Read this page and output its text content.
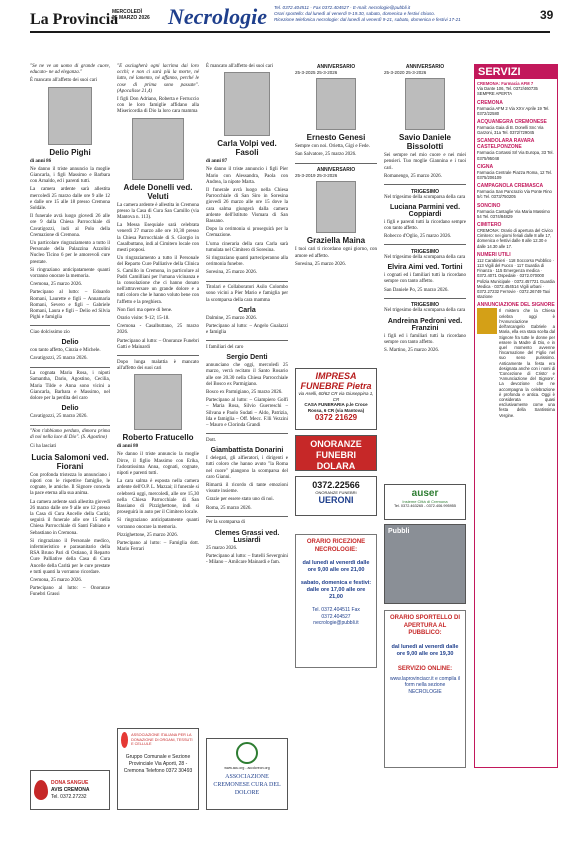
La Provincia
MERCOLEDÌ
25 MARZO 2026 Necrologie Tel. 0372.404511 · Fax 0372.404527 · E-mail: necrologie@pubbli.it
Orari sportello: dal lunedì al venerdì 9-19.30, sabato, domenica e festivi chiuso.
Ricezione telefonica necrologie: dal lunedì al venerdì 9-21, sabato, domenica e festivi 17-21	39

"Se ne ve un uomo di grande cuore, educato- ne ad eleganza."

È mancato all'affetto dei suoi cari

Delio Pighi

di anni 86

Ne danno il triste annuncio la moglie Giancarla, i figli Massimo e Barbara con Arnaldo, ed i parenti tutti.

La camera ardente sarà allestita mercoledì 25 marzo dalle ore 9 alle 12 e dalle ore 15 alle 18 presso Cremona Soldàle.

Il funerale avrà luogo giovedì 26 alle ore 9 dalla Chiesa Parrocchiale di Cavatigozzi, indi al Polo della Cremazione di Cremona.

Un particolare ringraziamento a tutto il Personale della Palazzina Azzolini Nucleo Ticino 6 per le amorevoli cure prestate.

Si ringraziano anticipatamente quanti vorranno onorare la memoria.

Cremona, 25 marzo 2026.

Partecipano al lutto: – Edoardo Romani, Laurette e figli – Annamaria Romani, Severo e figli – Gabriele Romani, Laura e figli – Delio ed Silvia Pighi e famiglia

Ciao dolcissimo zio

Delio

con tanto affetto, Cinzia e Michele.

Cavatigozzi, 25 marzo 2026.

La cognata Maria Rosa, i nipoti Samantha, Dario, Agostino, Cecilia, Maria Tilde e Anna sono vicini a Giancarla, Barbara e Massimo, nel dolore per la perdita del caro

Delio

Cavatigozzi, 25 marzo 2026.

"Non t'abbiamo perduto, dimora prima di noi nella luce di Dio". (S. Agostino)

Ci ha lasciati

Lucia Salomoni ved. Fiorani

Con profonda tristezza lo annunciano i nipoti con le rispettive famiglie, le cognate, le amiche. Il Signore conceda la pace eterna alla sua anima.

La camera ardente sarà allestita giovedì 26 marzo dalle ore 9 alle ore 12 presso la Casa di Cura Ancelle della Carità; seguirà il funerale alle ore 15 nella Chiesa Parrocchiale di Santi Fabiano e Sebastiano in Cremona.

Si ringraziano il Personale medico, infermieristico e parasanitario della RSA Bruno Pari di Ostiano, il Reparto Cure Palliative della Casa di Cura Ancelle della Carità per le cure prestate e tutti quanti la vorranno ricordare.

Cremona, 25 marzo 2026.

Partecipano al lutto: – Onoranze Funebri Grassi

DONA SANGUE
AVIS CREMONA
Tel. 0372.27232

"E asciugherà ogni lacrima dai loro occhi; e non ci sarà più la morte, né lutto, né lamento, né affanno, perché le cose di prima sono passate". (Apocalisse 21,4)

I figli Don Adriano, Roberta e Ferruccio con le loro famiglie affidano alla Misericordia di Dio la loro cara mamma

Adele Donelli ved. Veluti

La camera ardente è allestita in Cremona presso la Casa di Cura San Camillo (via Mantova n. 113).

La Messa Esequiale sarà celebrata venerdì 27 marzo alle ore 10,30 presso la Chiesa Parrocchiale di S. Giorgio in Casalbuttano, indi al Cimitero locale con mesti proposi.

Un ringraziamento a tutto il Personale del Reparto Cure Palliative della Clinica S. Camillo in Cremona, in particolare al Padri Camilliani per l'umana vicinanza e la consolazione che ci hanno donato nell'attraversare un grande dolore e a tutti coloro che le hanno voluto bene con l'affetto e la preghiera.

Non fiori ma opere di bene.

Orario visite: 9-12; 15-18.

Cremona - Casalbuttano, 25 marzo 2026.

Partecipano al lutto: – Onoranze Funebri Gatti e Mainardi

Dopo lunga malattia è mancato all'affetto dei suoi cari

Roberto Fratucello

di anni 80

Ne danno il triste annuncio la moglie Dirce, il figlio Massimo con Erika, l'adoratissima Anna, cognati, cognate, nipoti e parenti tutti.

La cara salma è esposta nella camera ardente dell'O.P. L. Mazzai; il funerale si celebrerà oggi, mercoledì, alle ore 15,30 nella Chiesa Parrocchiale di San Bassiano di Pizzighettone, indi si proseguirà in auto per il Cimitero locale.

Si ringraziano anticipatamente quanti vorranno onorare la memoria.

Pizzighettone, 25 marzo 2026.

Partecipano al lutto: – Famiglia dott. Mario Ferrari

ASSOCIAZIONE ITALIANA PER LA DONAZIONE DI ORGANI, TESSUTI E CELLULE
Gruppo Comunale e Sezione Provinciale Via Aporti, 28 - Cremona Telefono 0372 30493

È mancato all'affetto dei suoi cari

Carla Volpi ved. Fasoli

di anni 87

Ne danno il triste annuncio i figli Pier Mario con Alessandra, Paola con Andrea, la nipote Marta.

Il funerale avrà luogo nella Chiesa Parrocchiale di San Siro in Soresina giovedì 26 marzo alle ore 15 dove la cara salma giungerà dalla camera ardente dell'Istituto Vismara di San Bassano.

Dopo la cerimonia si proseguirà per la Cremazione.

L'urna cineraria della cara Carla sarà tumulata nel Cimitero di Soresina.

Si ringraziano quanti parteciperanno alla cerimonia funebre.

Soresina, 25 marzo 2026.

Titolari e Collaboratori Asilo Colombo sono vicini a Pier Mario e famiglia per la scomparsa della cara mamma

Carla

Dalmine, 25 marzo 2026.

Partecipano al lutto: – Angelo Gualazzi e famiglia

I familiari del caro

Sergio Denti

annunciano che oggi, mercoledì 25 marzo, verrà recitato il Santo Rosario alle ore 20.30 nella Chiesa Parrocchiale del Bosco ex Parmigiano.

Bosco ex Parmigiano, 25 marzo 2026.

Partecipano al lutto: – Giampiero Golfi – Maria Rosa, Silvio Guerreschi – Silvana e Paolo Sudati – Aldo, Patrizia, Ida e famiglia – Off. Mecc. F.lli Vezzini – Mauro e Clorinda Grandi

Dott.

Giambattista Donarini

I delegati, gli alfieratori, i dirigenti e tutti coloro che hanno avuto "la Roma nel cuore" piangono la scomparsa del caro Gianni.

Rimarrà il ricordo di tante emozioni vissute insieme.

Grazie per essere stato uno di noi.

Roma, 25 marzo 2026.

Per la scomparsa di

Clemes Grassi ved. Lusiardi

25 marzo 2026.

Partecipano al lutto: – fratelli Severgnini - Milano – Amilcare Mainardi e fam.

www.acu.org - accdcreon.org
ASSOCIAZIONE CREMONESE CURA DEL DOLORE
ANNIVERSARIO
25-3-2025 25-3-2026
Ernesto Genesi

Sempre con noi. Orietta, Gigi e Fede.

San Salvatore, 25 marzo 2026.

ANNIVERSARIO
25-3-2019 25-3-2026
Graziella Maina

I tuoi cari ti ricordano ogni giorno, con amore ed affetto.

Soresina, 25 marzo 2026.

IMPRESA FUNEBRE Pietra
via Aselli, 60/62 CR via Giuseppina 1, CR
CASA FUNERARIA p.le Croce Rossa, 6 CR (via Mantova)
0372 21629
ONORANZE FUNEBRI DOLARA
CREMONA · 0372 434913
0372.22566
ONORANZE FUNEBRI
UERONI
ORARIO RICEZIONE NECROLOGIE:
dal lunedì al venerdì dalle ore 9,00 alle ore 21,00
sabato, domenica e festivi: dalle ore 17,00 alle ore 21,00
Tel. 0372.404511 Fax 0372.404527 necrologie@pubbli.it
ANNIVERSARIO
25-3-2020 25-3-2026
Savio Daniele Bissolotti

Sei sempre nel mio cuore e nei miei pensieri. Tuo moglie Giannina e i tuoi cari.

Romanengo, 25 marzo 2026.

TRIGESIMO

Nel trigesimo della scomparsa della cara

Luciana Parmini ved. Coppiardi

i figli e parenti tutti la ricordano sempre con tanto affetto.

Robecco d'Oglio, 25 marzo 2026.

TRIGESIMO

Nel trigesimo della scomparsa della cara

Elvira Aimi ved. Tortini

i cognati ed i familiari tutti la ricordano sempre con tanto affetto.

San Daniele Po, 25 marzo 2026.

TRIGESIMO

Nel trigesimo della scomparsa della cara

Andreina Pedroni ved. Franzini

i figli ed i familiari tutti la ricordano sempre con tanto affetto.

S. Martino, 25 marzo 2026.

auser
Insieme Città di Cremona
Tel. 0372.463265 - 0372.406.995955
Pubbli
ORARIO SPORTELLO DI APERTURA AL PUBBLICO:
dal lunedì al venerdì dalle ore 9,00 alle ore 19,30
SERVIZIO ONLINE:
www.laprovinciacr.it e compila il form nella sezione NECROLOGIE
SERVIZI
CREMONA: Farmacia AFM 7
Via Dante 106, Tel. 0372/460735 SEMPRE APERTA
CREMONA
Farmacia AFM 2 Via XXV Aprile 19 Tel. 0372/22580
ACQUANEGRA CREMONESE
Farmacia Gaia di B. Donelli Snc Via Garzoni, 31a Tel. 0372/729045
SCANDOLARA RAVARA CASTELPONZONE
Farmacia Cortassi Srl Via Europa, 33 Tel. 0375/95048
CIGNA
Farmacia Centrale Piazza Roma, 12 Tel. 0375/206109
CAMPAGNOLA CREMASCA
Farmacia San Pancrazio Via Ponte Rino 5/c Tel. 0373/750205
SONCINO
Farmacia Cantaglie Via Maria Massimo 54 Tel. 0374/84829
CIMITERO
CREMONA: Orario di apertura del Civico Cimitero: nei giorni feriali dalle 8 alle 17, domenica e festivi dalle 8 alle 12.30 e dalle 14.30 alle 17.
NUMERI UTILI
112 Carabinieri · 118 Soccorso Pubblico · 113 Vigili del Fuoco · 117 Guardia di Finanza · 115 Emergenza medica · 0372.4071 Ospedale · 0372.070000 Polizia Municipale · 0372.457721 Guardia Medica · 0372.454514 Vigili urbani · 0372.27232 Ferrovie · 0372.26749 Taxi stazione
ANNUNCIAZIONE DEL SIGNORE
Il mistero che la Chiesa celebra oggi è l'Annunciazione dell'arcangelo Gabriele a Maria, ella era stata scelta dal Signore fra tutte le donne per essere la Madre di Dio, e in quel momento avvenne l'incarnazione del Figlio nel suo seno purissimo. Anticamente la festa era designata anche con i nomi di 'Concezione di Cristo' e 'Annunciazione del Signore'. La devozione che ne accompagna la celebrazione è profonda e antica. Oggi è considerata quasi esclusivamente come una festa della Santissima Vergine.
